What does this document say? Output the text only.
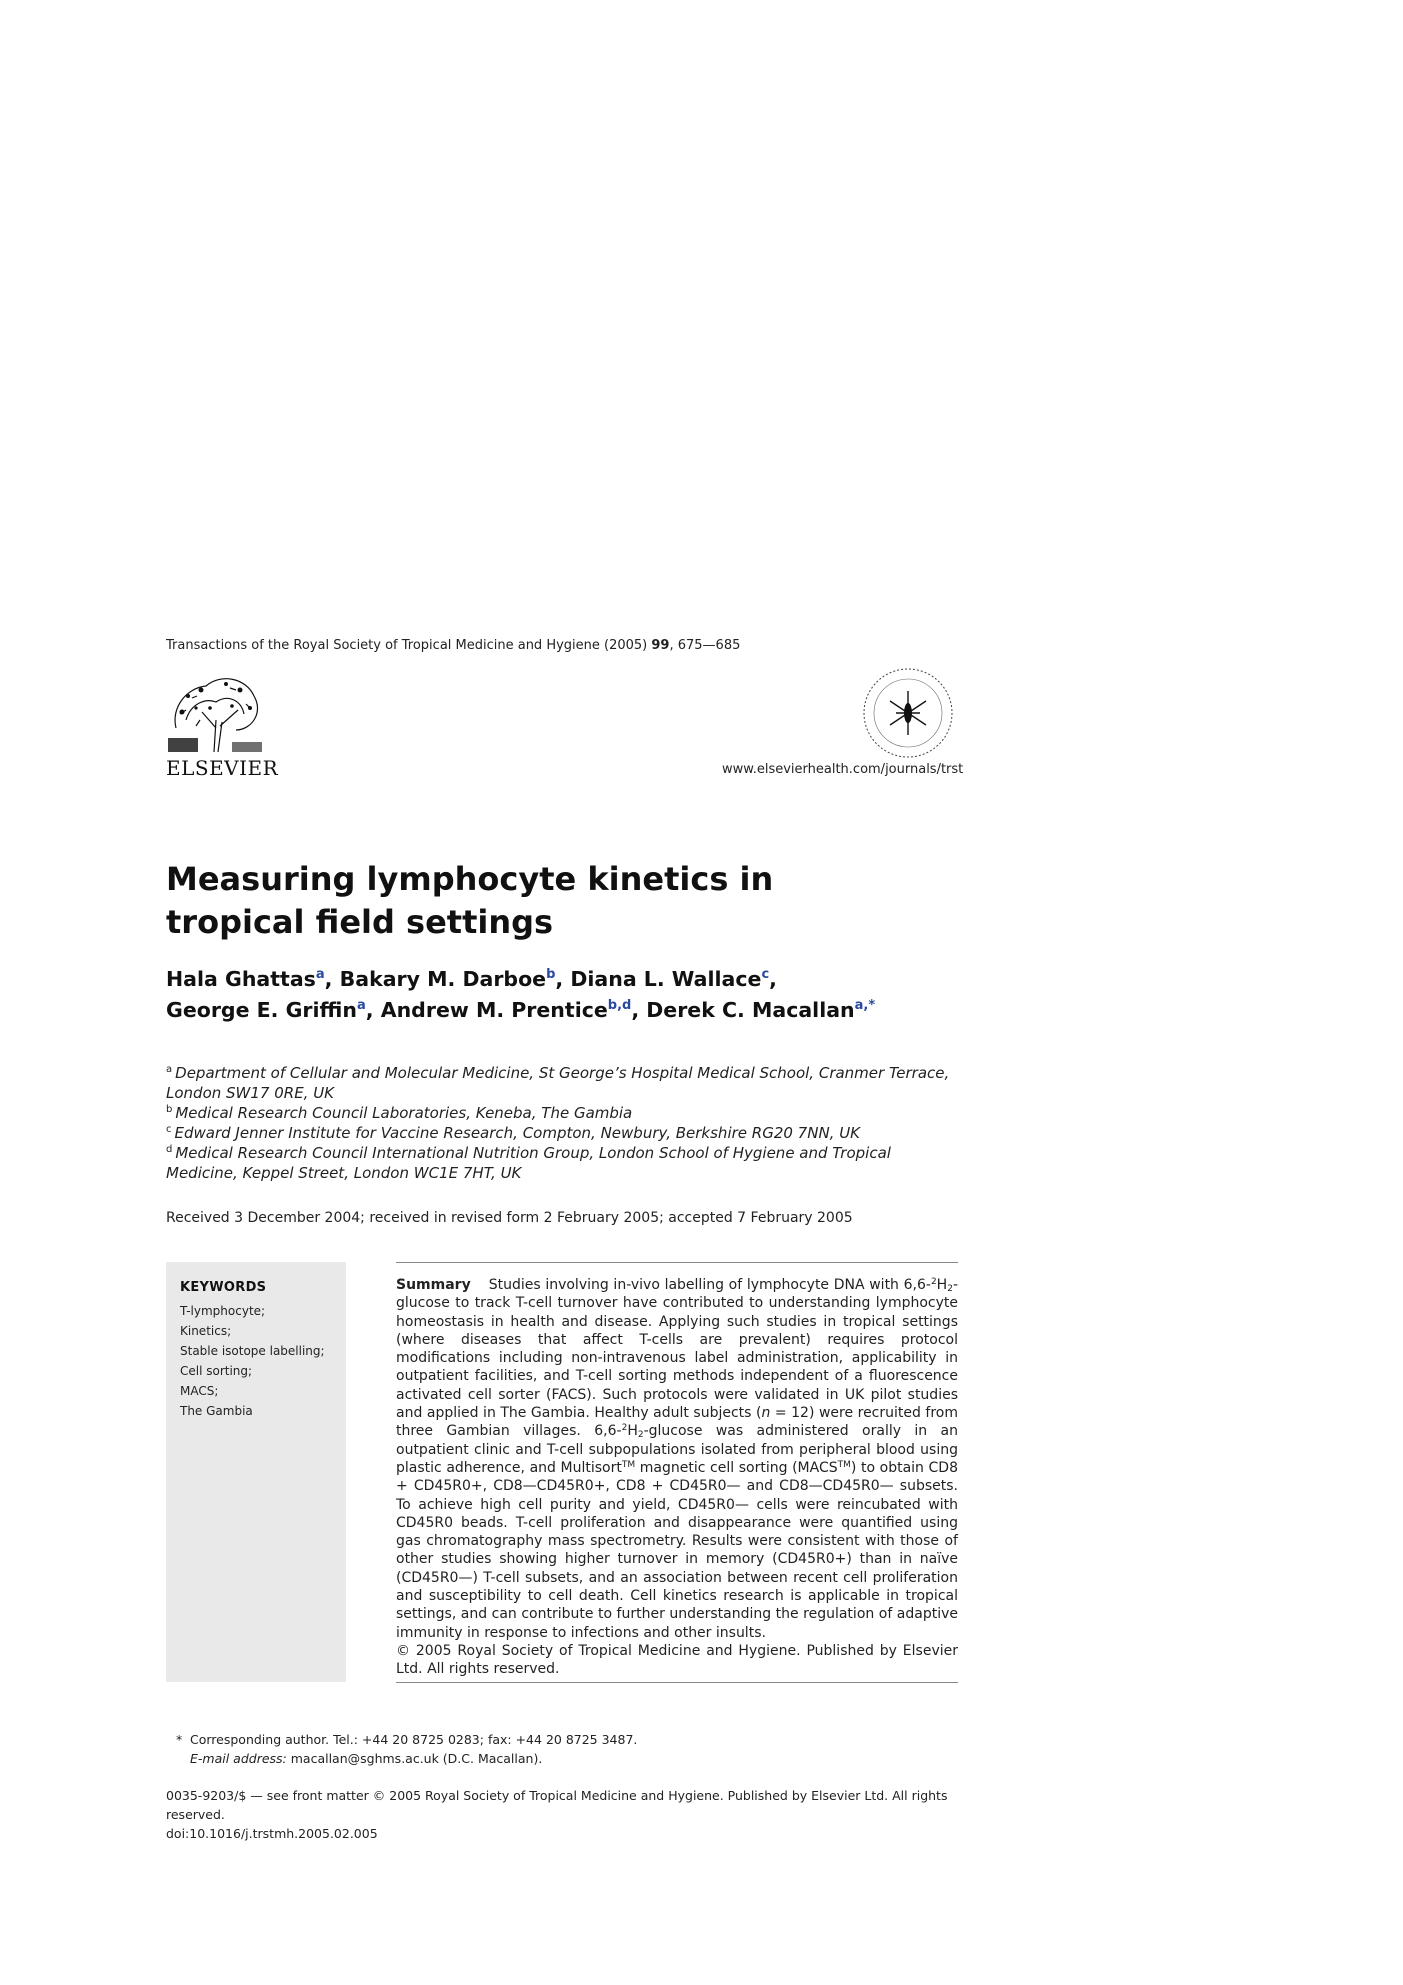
Transactions of the Royal Society of Tropical Medicine and Hygiene (2005) 99, 675—685
ELSEVIER	www.elsevierhealth.com/journals/trst
Measuring lymphocyte kinetics in tropical field settings
Hala Ghattas$^a$, Bakary M. Darboe$^b$, Diana L. Wallace$^c$,
George E. Griffin$^a$, Andrew M. Prentice$^{b,d}$, Derek C. Macallan$^{a,*}$
$^a$ Department of Cellular and Molecular Medicine, St George’s Hospital Medical School, Cranmer Terrace, London SW17 0RE, UK
$^b$ Medical Research Council Laboratories, Keneba, The Gambia
$^c$ Edward Jenner Institute for Vaccine Research, Compton, Newbury, Berkshire RG20 7NN, UK
$^d$ Medical Research Council International Nutrition Group, London School of Hygiene and Tropical Medicine, Keppel Street, London WC1E 7HT, UK
Received 3 December 2004; received in revised form 2 February 2005; accepted 7 February 2005
KEYWORDS
T-lymphocyte;
Kinetics;
Stable isotope labelling;
Cell sorting;
MACS;
The Gambia
Summary Studies involving in-vivo labelling of lymphocyte DNA with $6,6-^2H_2$-glucose to track T-cell turnover have contributed to understanding lymphocyte homeostasis in health and disease. Applying such studies in tropical settings (where diseases that affect T-cells are prevalent) requires protocol modifications including non-intravenous label administration, applicability in outpatient facilities, and T-cell sorting methods independent of a fluorescence activated cell sorter (FACS). Such protocols were validated in UK pilot studies and applied in The Gambia. Healthy adult subjects (n = 12) were recruited from three Gambian villages. $6,6-^2H_2$-glucose was administered orally in an outpatient clinic and T-cell subpopulations isolated from peripheral blood using plastic adherence, and Multisort™ magnetic cell sorting (MACS™) to obtain CD8 + CD45R0+, CD8—CD45R0+, CD8 + CD45R0— and CD8—CD45R0— subsets. To achieve high cell purity and yield, CD45R0— cells were reincubated with CD45R0 beads. T-cell proliferation and disappearance were quantified using gas chromatography mass spectrometry. Results were consistent with those of other studies showing higher turnover in memory (CD45R0+) than in naïve (CD45R0—) T-cell subsets, and an association between recent cell proliferation and susceptibility to cell death. Cell kinetics research is applicable in tropical settings, and can contribute to further understanding the regulation of adaptive immunity in response to infections and other insults.
© 2005 Royal Society of Tropical Medicine and Hygiene. Published by Elsevier Ltd. All rights reserved.
* Corresponding author. Tel.: +44 20 8725 0283; fax: +44 20 8725 3487.
E-mail address: macallan@sghms.ac.uk (D.C. Macallan).
0035-9203/$ — see front matter © 2005 Royal Society of Tropical Medicine and Hygiene. Published by Elsevier Ltd. All rights reserved.
doi:10.1016/j.trstmh.2005.02.005
